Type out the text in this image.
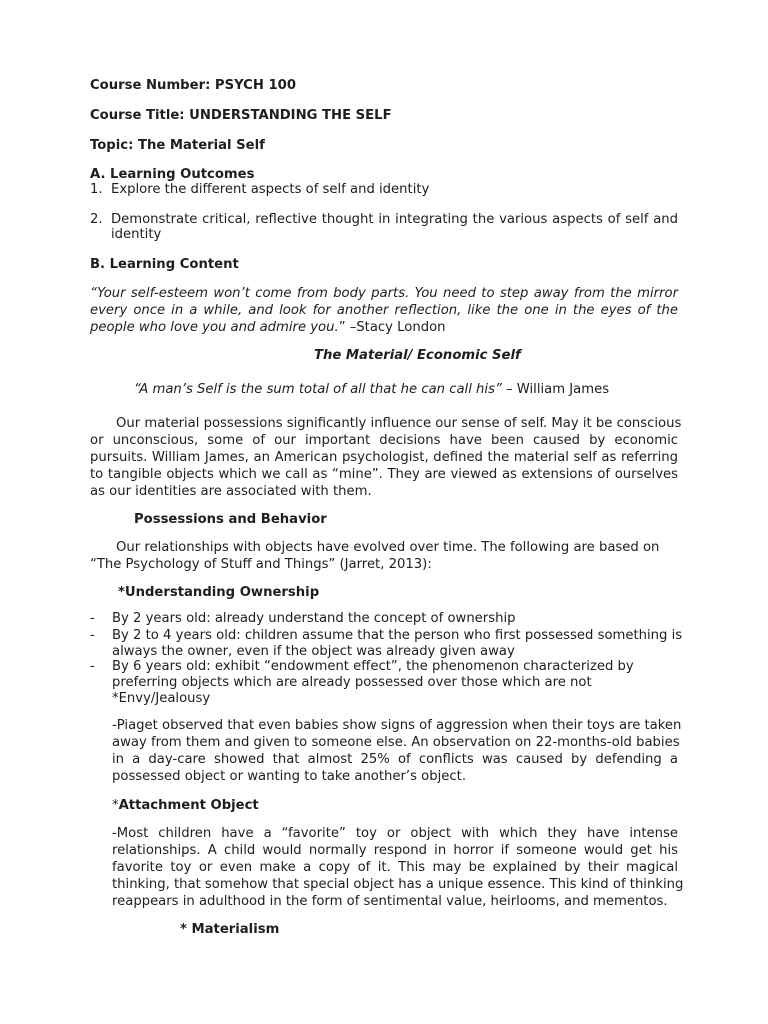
Course Number: PSYCH 100
Course Title: UNDERSTANDING THE SELF
Topic: The Material Self
A. Learning Outcomes
1. Explore the different aspects of self and identity
2. Demonstrate critical, reflective thought in integrating the various aspects of self and
identity
B. Learning Content
“Your self-esteem won’t come from body parts. You need to step away from the mirror
every once in a while, and look for another reflection, like the one in the eyes of the
people who love you and admire you.” –Stacy London
The Material/ Economic Self
“A man’s Self is the sum total of all that he can call his” – William James
Our material possessions significantly influence our sense of self. May it be conscious
or unconscious, some of our important decisions have been caused by economic
pursuits. William James, an American psychologist, defined the material self as referring
to tangible objects which we call as “mine”. They are viewed as extensions of ourselves
as our identities are associated with them.
Possessions and Behavior
Our relationships with objects have evolved over time. The following are based on
“The Psychology of Stuff and Things” (Jarret, 2013):
*Understanding Ownership
- By 2 years old: already understand the concept of ownership
- By 2 to 4 years old: children assume that the person who first possessed something is
always the owner, even if the object was already given away
- By 6 years old: exhibit “endowment effect”, the phenomenon characterized by
preferring objects which are already possessed over those which are not
*Envy/Jealousy
-Piaget observed that even babies show signs of aggression when their toys are taken
away from them and given to someone else. An observation on 22-months-old babies
in a day-care showed that almost 25% of conflicts was caused by defending a
possessed object or wanting to take another’s object.
*Attachment Object
-Most children have a “favorite” toy or object with which they have intense
relationships. A child would normally respond in horror if someone would get his
favorite toy or even make a copy of it. This may be explained by their magical
thinking, that somehow that special object has a unique essence. This kind of thinking
reappears in adulthood in the form of sentimental value, heirlooms, and mementos.
* Materialism
